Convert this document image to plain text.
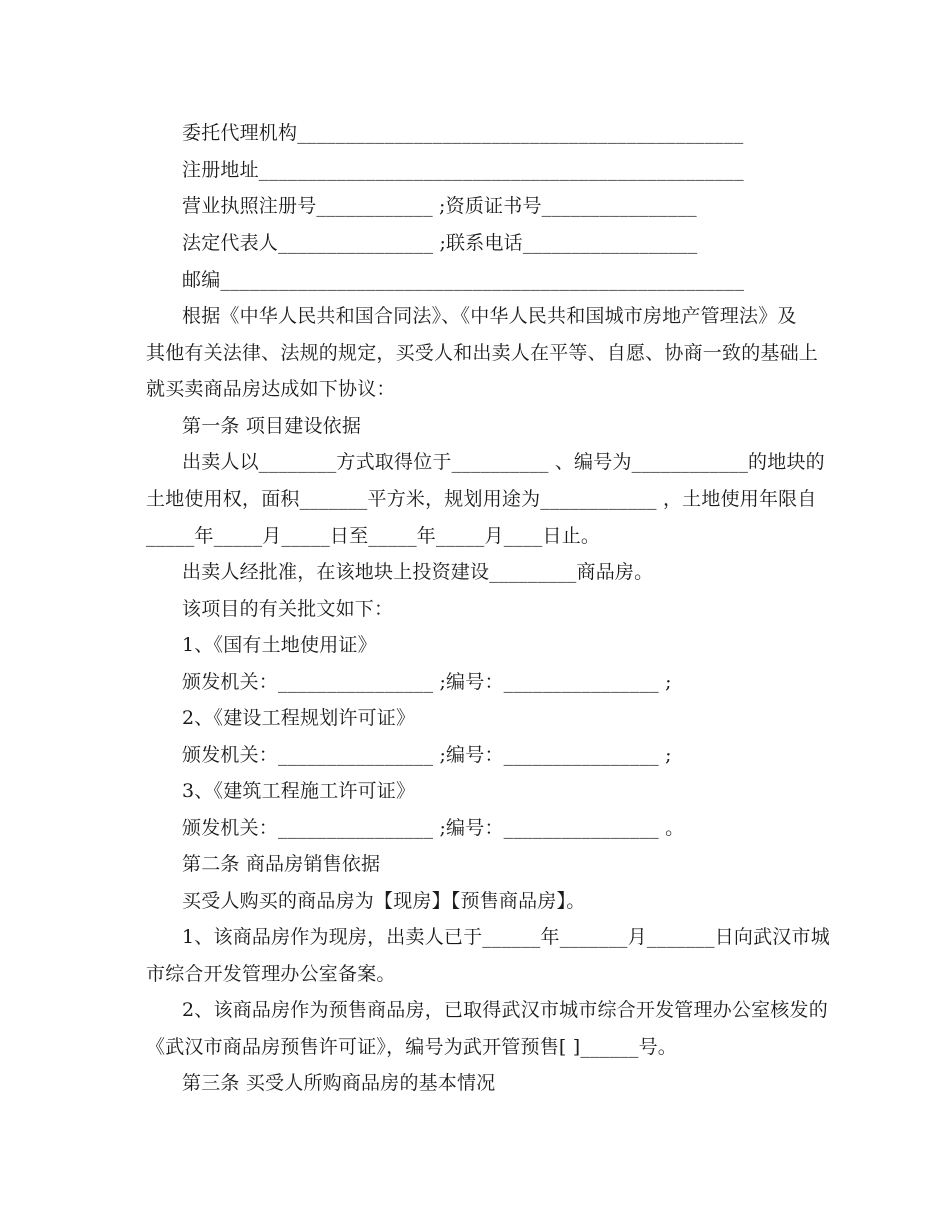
委托代理机构______________________________________________
注册地址__________________________________________________
营业执照注册号____________ ;资质证书号________________
法定代表人________________ ;联系电话__________________
邮编______________________________________________________
根据《中华人民共和国合同法》、《中华人民共和国城市房地产管理法》及
其他有关法律、法规的规定，买受人和出卖人在平等、自愿、协商一致的基础上
就买卖商品房达成如下协议：
第一条 项目建设依据
出卖人以________方式取得位于__________ 、编号为____________的地块的
土地使用权，面积_______平方米，规划用途为____________ ，土地使用年限自
_____年_____月_____日至_____年_____月____日止。
出卖人经批准，在该地块上投资建设_________商品房。
该项目的有关批文如下：
1、《国有土地使用证》
颁发机关：________________ ;编号：________________ ;
2、《建设工程规划许可证》
颁发机关：________________ ;编号：________________ ;
3、《建筑工程施工许可证》
颁发机关：________________ ;编号：________________ 。
第二条 商品房销售依据
买受人购买的商品房为【现房】【预售商品房】。
1、该商品房作为现房，出卖人已于______年_______月_______日向武汉市城
市综合开发管理办公室备案。
2、该商品房作为预售商品房，已取得武汉市城市综合开发管理办公室核发的
《武汉市商品房预售许可证》，编号为武开管预售[ ]______号。
第三条 买受人所购商品房的基本情况
